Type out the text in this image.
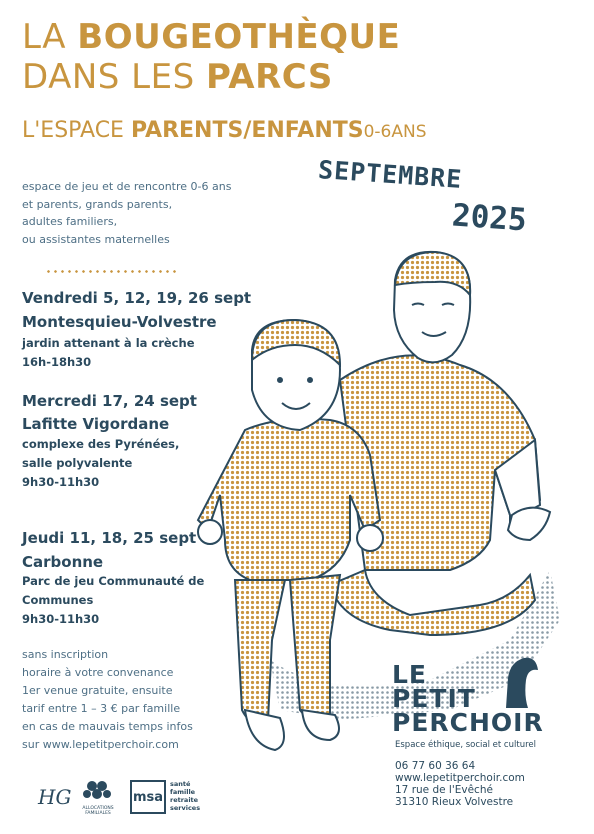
LA BOUGEOTHÈQUE
DANS LES PARCS
L'ESPACE PARENTS/ENFANTS0-6ANS
SEPTEMBRE
2025
espace de jeu et de rencontre 0-6 ans
et parents, grands parents,
adultes familiers,
ou assistantes maternelles
Vendredi 5, 12, 19, 26 sept
Montesquieu-Volvestre
jardin attenant à la crèche
16h-18h30
Mercredi 17, 24 sept
Lafitte Vigordane
complexe des Pyrénées,
salle polyvalente
9h30-11h30
Jeudi 11, 18, 25 sept
Carbonne
Parc de jeu Communauté de
Communes
9h30-11h30
sans inscription
horaire à votre convenance
1er venue gratuite, ensuite
tarif entre 1 – 3 € par famille
en cas de mauvais temps infos
sur www.lepetitperchoir.com
LE
PETIT
PERCHOIR
Espace éthique, social et culturel
06 77 60 36 64
www.lepetitperchoir.com
17 rue de l'Evêché
31310 Rieux Volvestre
HG	ALLOCATIONS
FAMILIALES
msa
santé
famille
retraite
services
